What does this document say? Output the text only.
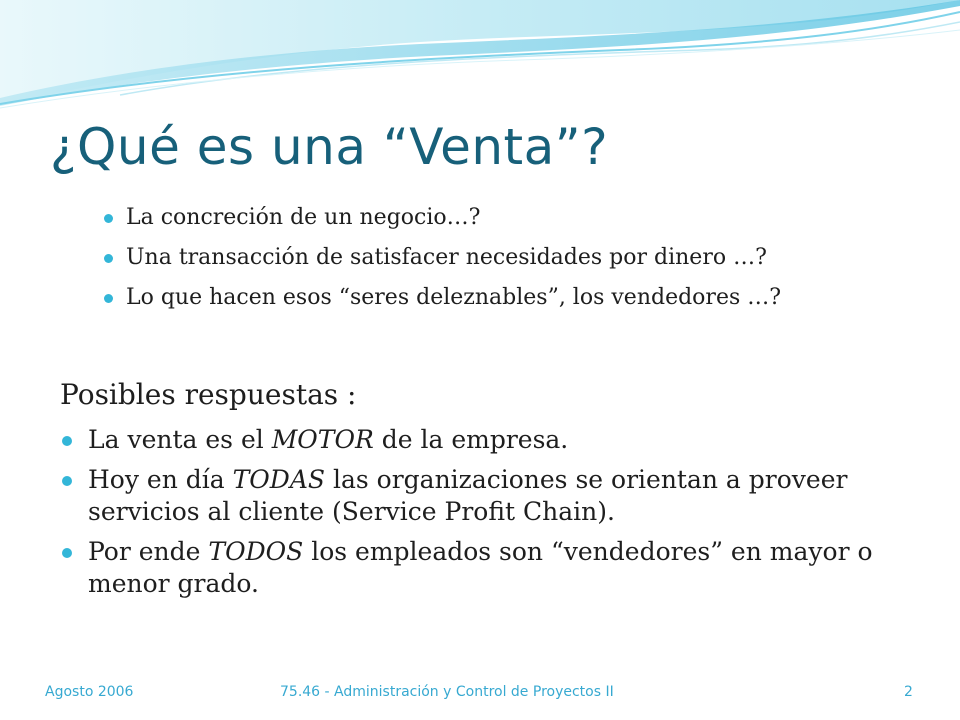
¿Qué es una “Venta”?
La concreción de un negocio…?
Una transacción de satisfacer necesidades por dinero …?
Lo que hacen esos “seres deleznables”, los vendedores …?
Posibles respuestas :
La venta es el MOTOR de la empresa.
Hoy en día TODAS las organizaciones se orientan a proveer servicios al cliente (Service Profit Chain).
Por ende TODOS los empleados son “vendedores” en mayor o menor grado.
Agosto 2006	75.46 - Administración y Control de Proyectos II	2
